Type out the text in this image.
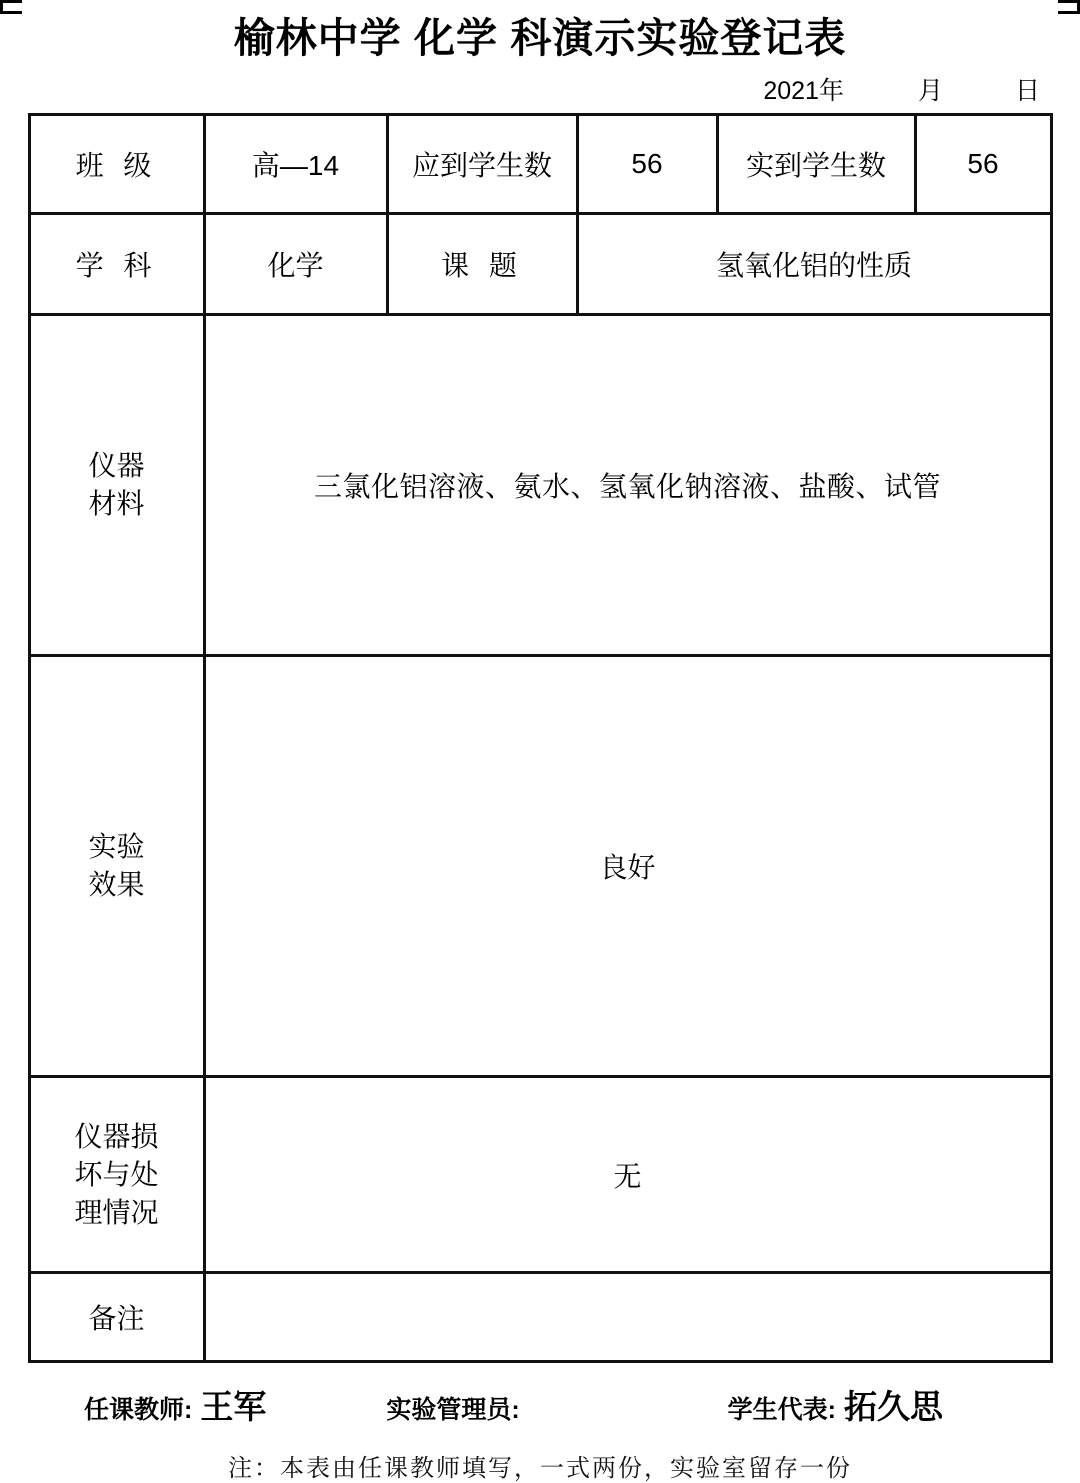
榆林中学 化学 科演示实验登记表
2021年	月	日
班 级	高—14	应到学生数	56	实到学生数	56
学 科	化学	课 题	氢氧化铝的性质		

仪器
材料	三氯化铝溶液、氨水、氢氧化钠溶液、盐酸、试管				

实验
效果	良好				

仪器损
坏与处
理情况	无				
备注					
任课教师: 王军	实验管理员:	学生代表: 拓久思
注：本表由任课教师填写，一式两份，实验室留存一份
